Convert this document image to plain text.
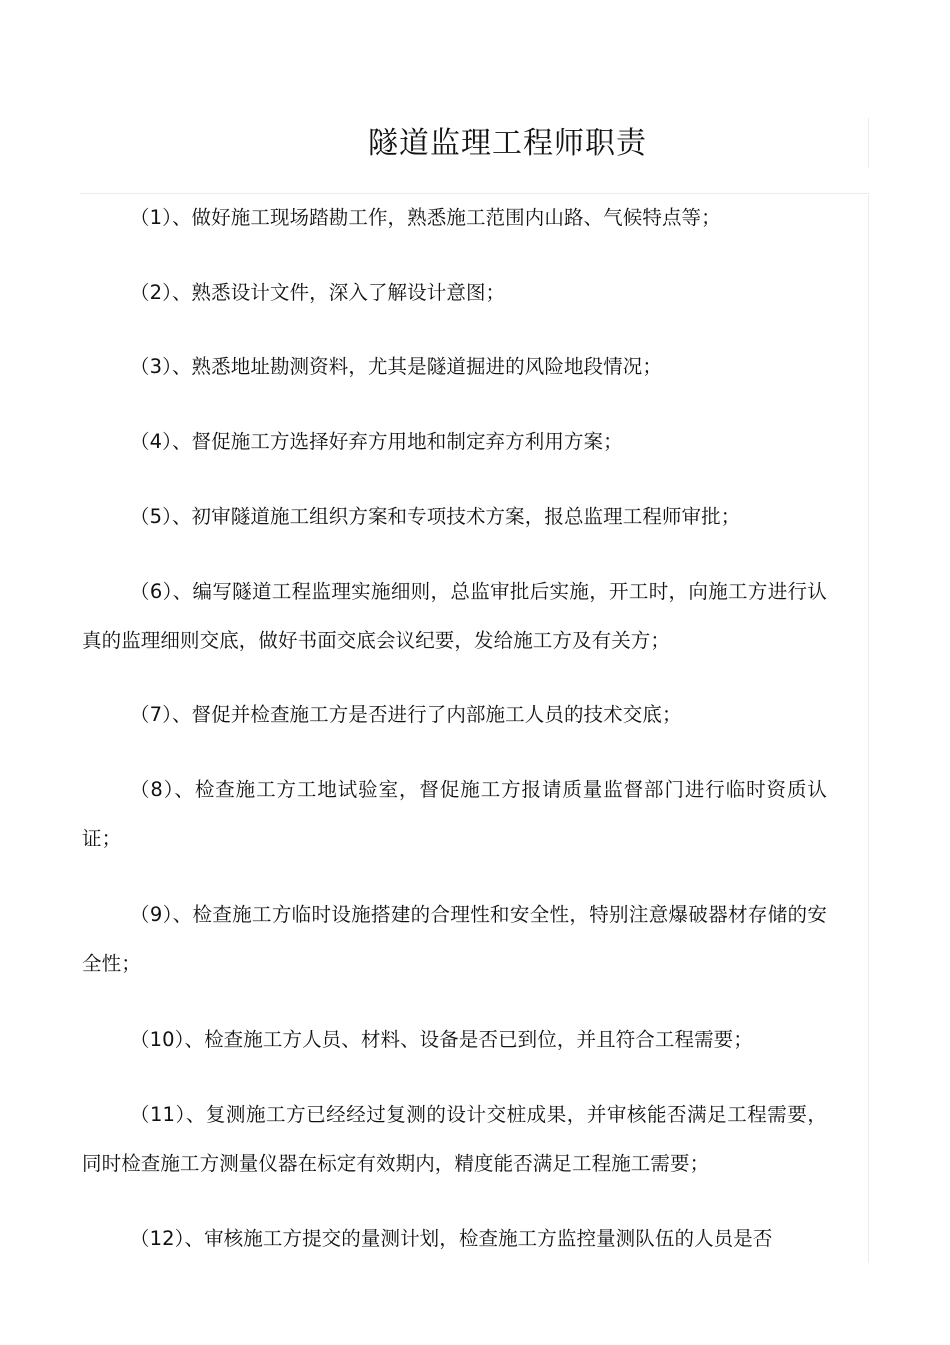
隧道监理工程师职责

（1）、做好施工现场踏勘工作，熟悉施工范围内山路、气候特点等；

（2）、熟悉设计文件，深入了解设计意图；

（3）、熟悉地址勘测资料，尤其是隧道掘进的风险地段情况；

（4）、督促施工方选择好弃方用地和制定弃方利用方案；

（5）、初审隧道施工组织方案和专项技术方案，报总监理工程师审批；

（6）、编写隧道工程监理实施细则，总监审批后实施，开工时，向施工方进行认真的监理细则交底，做好书面交底会议纪要，发给施工方及有关方；

（7）、督促并检查施工方是否进行了内部施工人员的技术交底；

（8）、检查施工方工地试验室，督促施工方报请质量监督部门进行临时资质认证；

（9）、检查施工方临时设施搭建的合理性和安全性，特别注意爆破器材存储的安全性；

（10）、检查施工方人员、材料、设备是否已到位，并且符合工程需要；

（11）、复测施工方已经经过复测的设计交桩成果，并审核能否满足工程需要，同时检查施工方测量仪器在标定有效期内，精度能否满足工程施工需要；

（12）、审核施工方提交的量测计划，检查施工方监控量测队伍的人员是否
